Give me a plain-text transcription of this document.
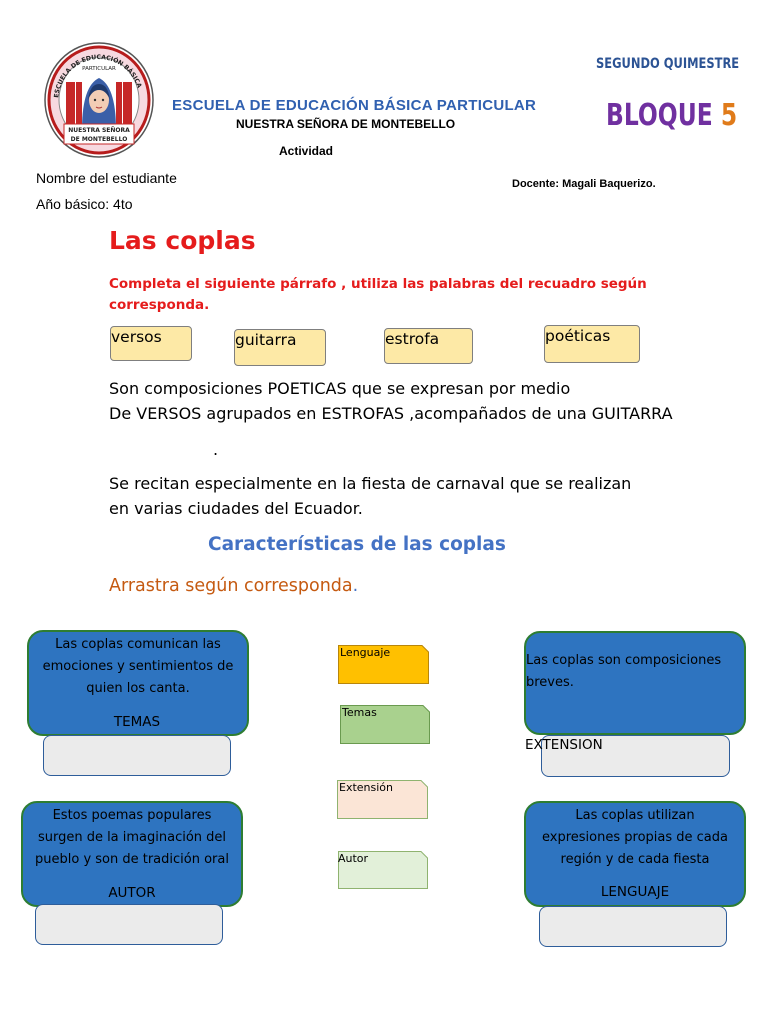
ESCUELA DE EDUCACIÓN BÁSICA
PARTICULAR
NUESTRA SEÑORA
DE MONTEBELLO
ESCUELA DE EDUCACIÓN BÁSICA PARTICULAR
NUESTRA SEÑORA DE MONTEBELLO
Actividad
SEGUNDO QUIMESTRE
BLOQUE 5
Nombre del estudiante
Año básico: 4to
Docente: Magali Baquerizo.
Las coplas
Completa el siguiente párrafo , utiliza las palabras del recuadro según corresponda.
versos	guitarra	estrofa	poéticas
Son composiciones POETICAS que se expresan por medio
De VERSOS agrupados en ESTROFAS ,acompañados de una GUITARRA
.
Se recitan especialmente en la fiesta de carnaval que se realizan
en varias ciudades del Ecuador.
Características de las coplas
Arrastra según corresponda.
Las coplas comunican las
emociones y sentimientos de
quien los canta.
TEMAS
Las coplas son composiciones
breves.
EXTENSION
Estos poemas populares
surgen de la imaginación del
pueblo y son de tradición oral
AUTOR
Las coplas utilizan
expresiones propias de cada
región y de cada fiesta
LENGUAJE
Lenguaje
Temas
Extensión
Autor
